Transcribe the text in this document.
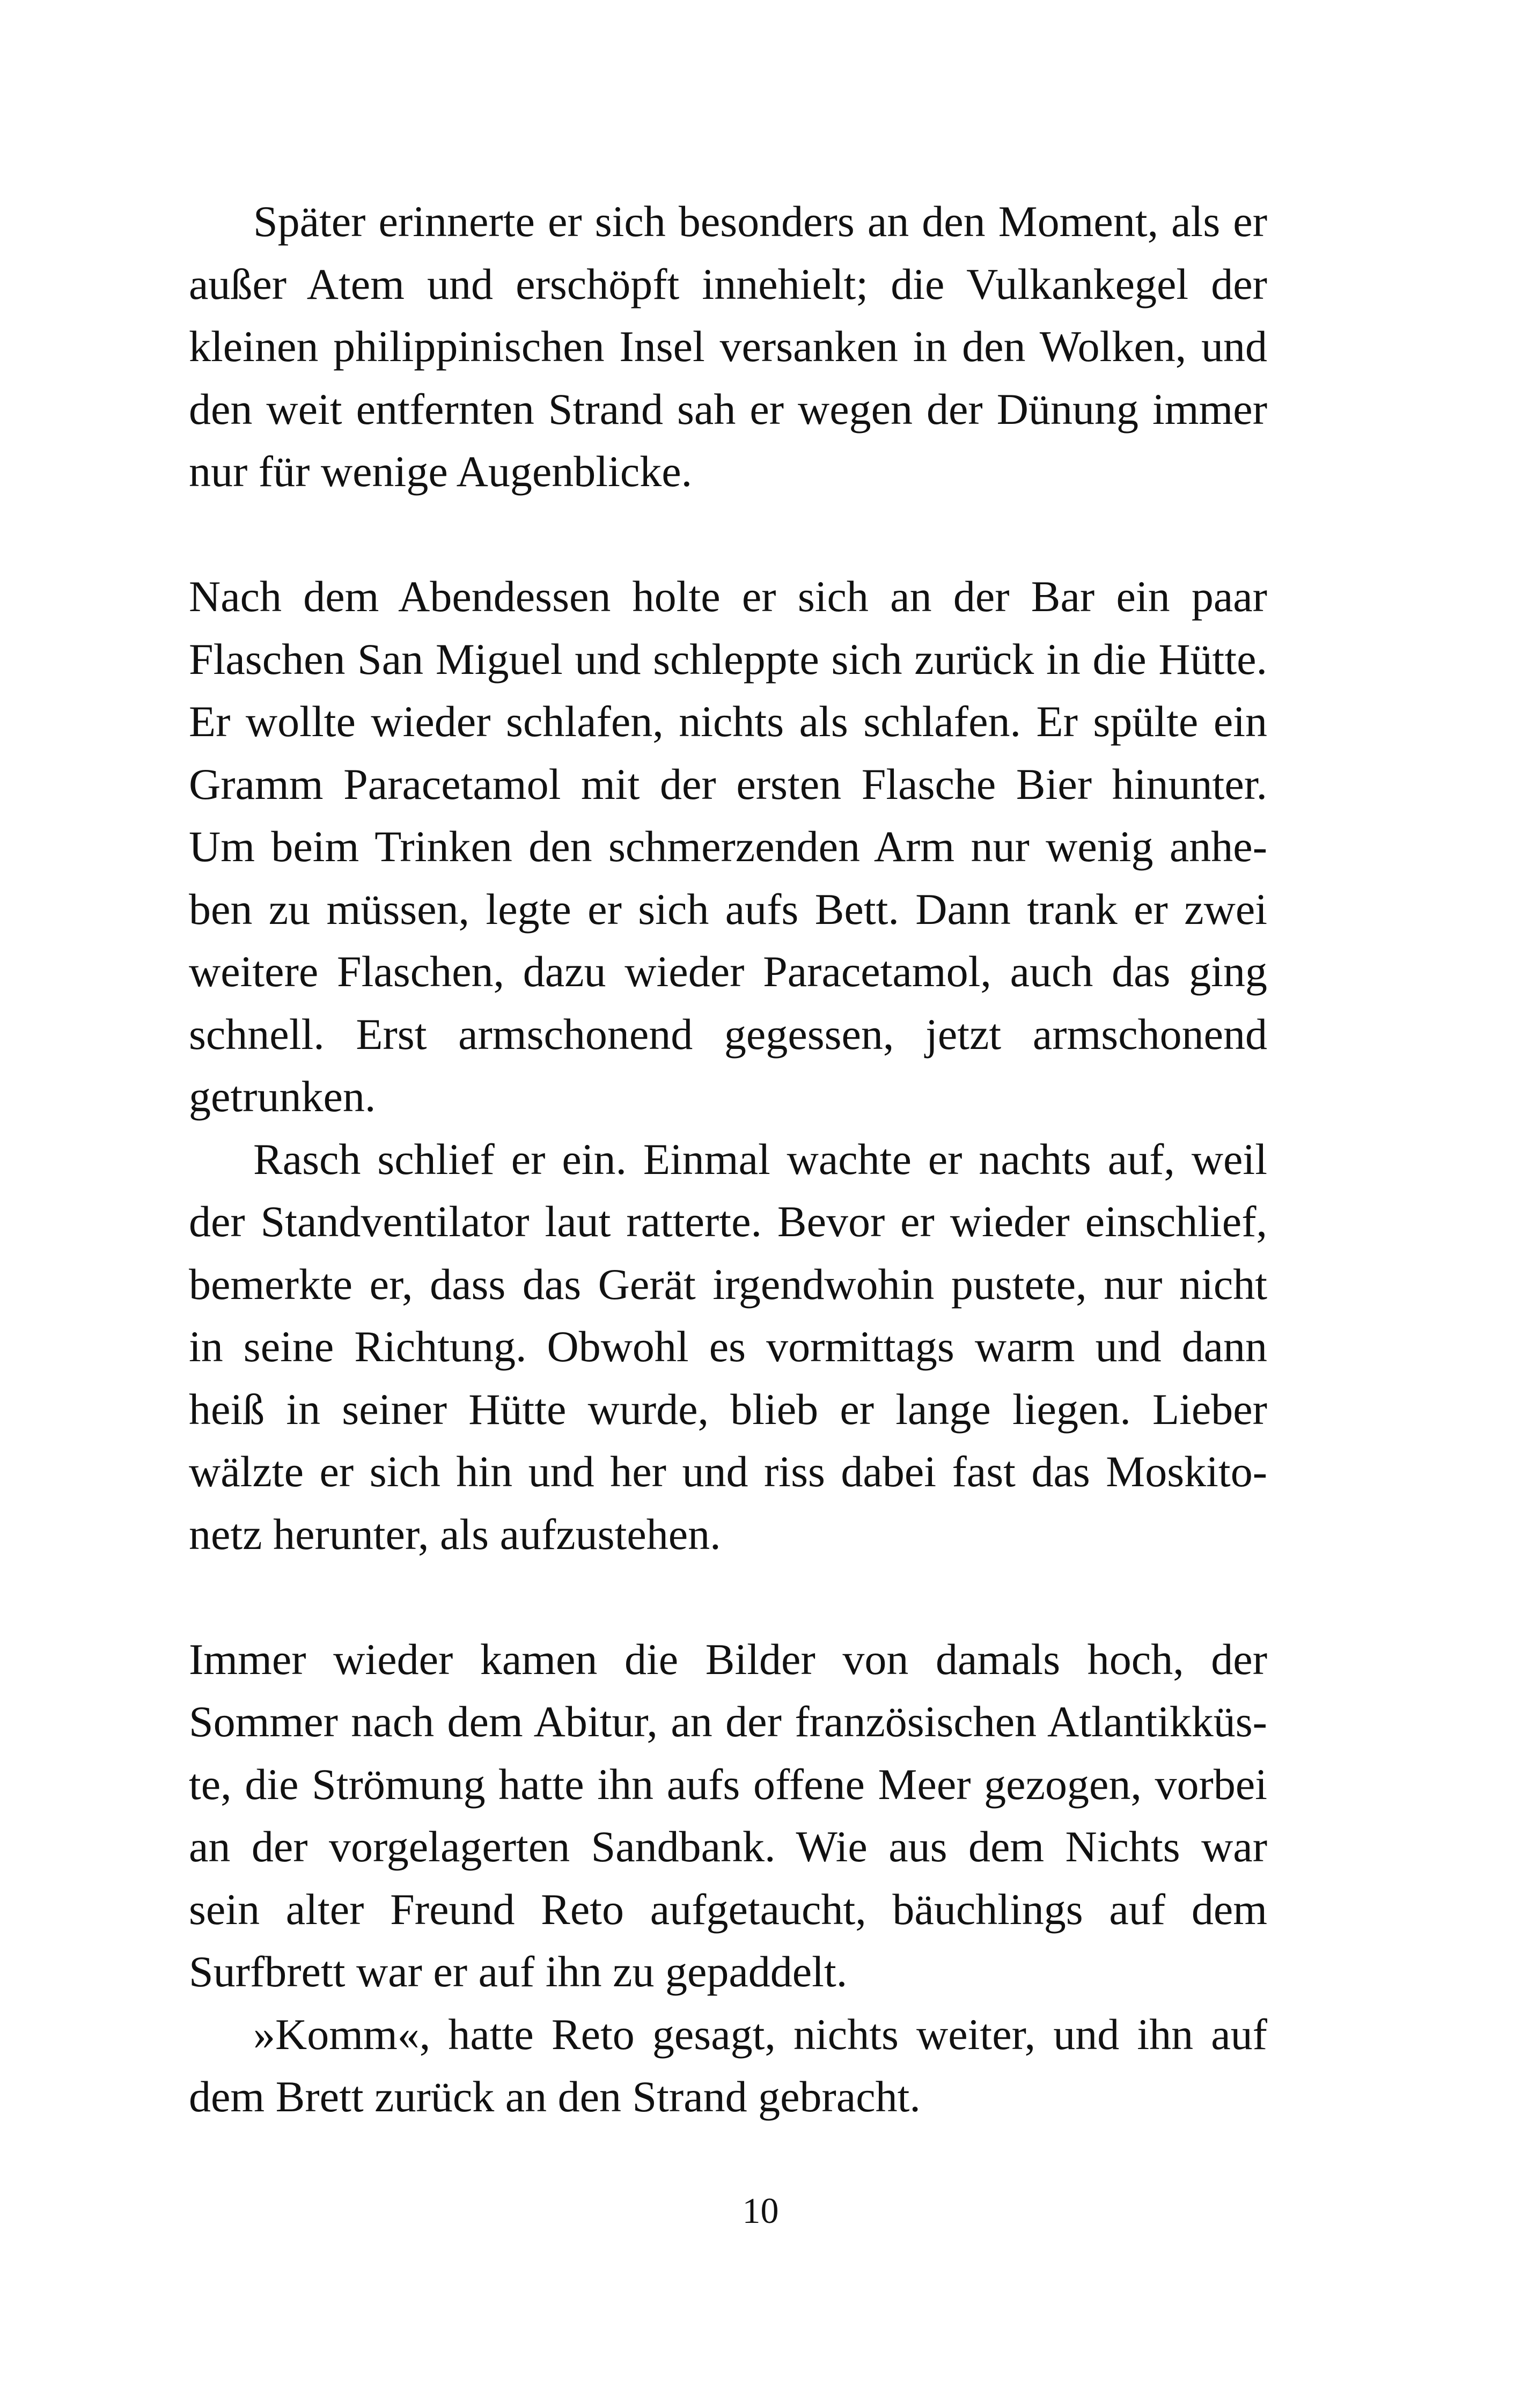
Später erinnerte er sich besonders an den Moment, als er
außer Atem und erschöpft innehielt; die Vulkankegel der
kleinen philippinischen Insel versanken in den Wolken, und
den weit entfernten Strand sah er wegen der Dünung immer
nur für wenige Augenblicke.
Nach dem Abendessen holte er sich an der Bar ein paar
Flaschen San Miguel und schleppte sich zurück in die Hütte.
Er wollte wieder schlafen, nichts als schlafen. Er spülte ein
Gramm Paracetamol mit der ersten Flasche Bier hinunter.
Um beim Trinken den schmerzenden Arm nur wenig anhe-
ben zu müssen, legte er sich aufs Bett. Dann trank er zwei
weitere Flaschen, dazu wieder Paracetamol, auch das ging
schnell. Erst armschonend gegessen, jetzt armschonend
getrunken.
Rasch schlief er ein. Einmal wachte er nachts auf, weil
der Standventilator laut ratterte. Bevor er wieder einschlief,
bemerkte er, dass das Gerät irgendwohin pustete, nur nicht
in seine Richtung. Obwohl es vormittags warm und dann
heiß in seiner Hütte wurde, blieb er lange liegen. Lieber
wälzte er sich hin und her und riss dabei fast das Moskito-
netz herunter, als aufzustehen.
Immer wieder kamen die Bilder von damals hoch, der
Sommer nach dem Abitur, an der französischen Atlantikküs-
te, die Strömung hatte ihn aufs offene Meer gezogen, vorbei
an der vorgelagerten Sandbank. Wie aus dem Nichts war
sein alter Freund Reto aufgetaucht, bäuchlings auf dem
Surfbrett war er auf ihn zu gepaddelt.
»Komm«, hatte Reto gesagt, nichts weiter, und ihn auf
dem Brett zurück an den Strand gebracht.
10
